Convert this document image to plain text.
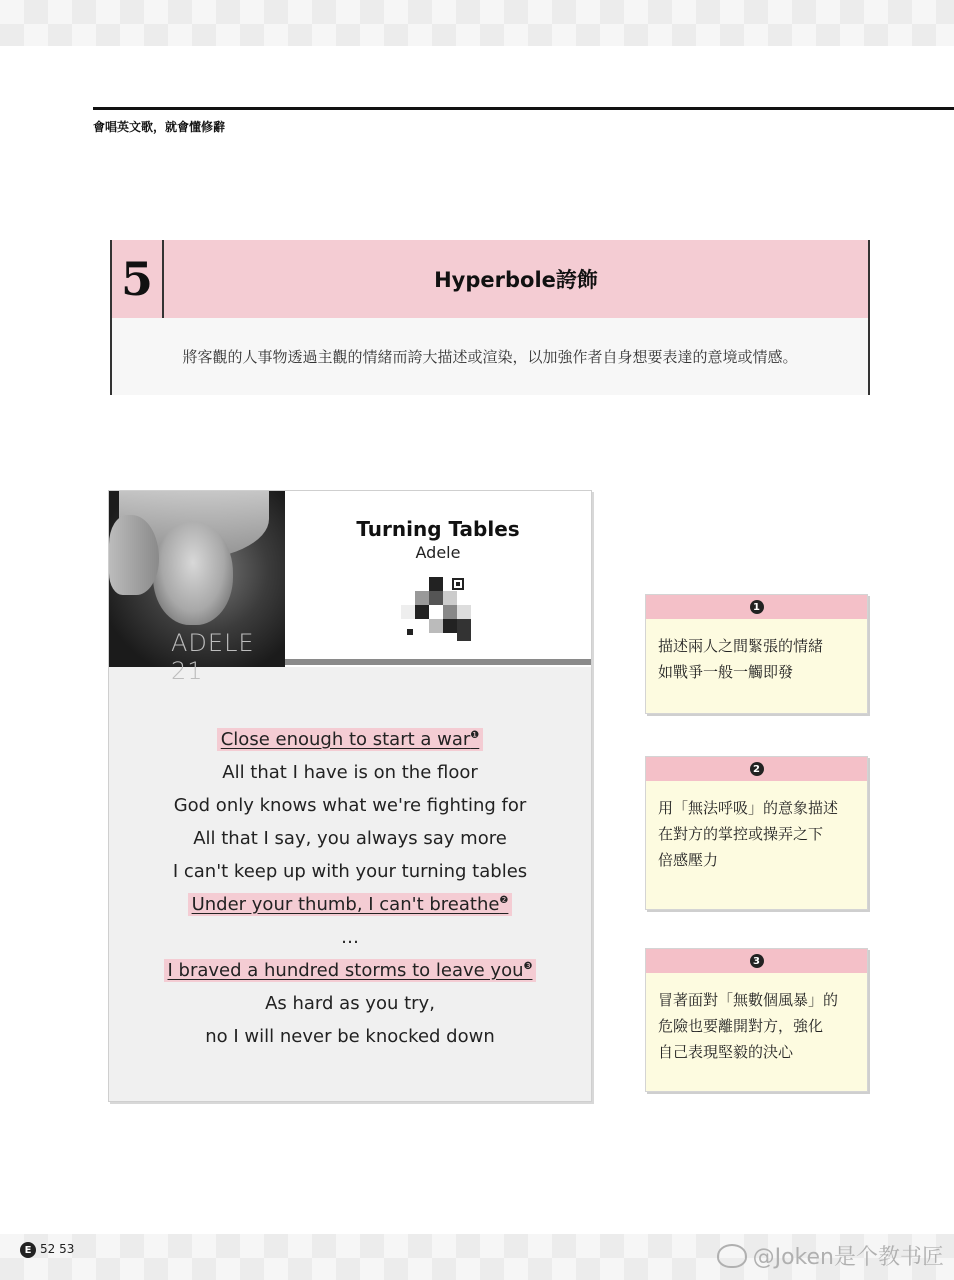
會唱英文歌，就會懂修辭
5	Hyperbole誇飾
將客觀的人事物透過主觀的情緒而誇大描述或渲染，以加強作者自身想要表達的意境或情感。
ADELE 21
Turning Tables
Adele
Close enough to start a war$^❶$
All that I have is on the floor
God only knows what we're fighting for
All that I say, you always say more
I can't keep up with your turning tables
Under your thumb, I can't breathe$^❷$
…
I braved a hundred storms to leave you$^❸$
As hard as you try,
no I will never be knocked down
1
描述兩人之間緊張的情緒
如戰爭一般一觸即發
2
用「無法呼吸」的意象描述
在對方的掌控或操弄之下
倍感壓力
3
冒著面對「無數個風暴」的
危險也要離開對方，強化
自己表現堅毅的決心
E 52 53	@Joken是个教书匠
